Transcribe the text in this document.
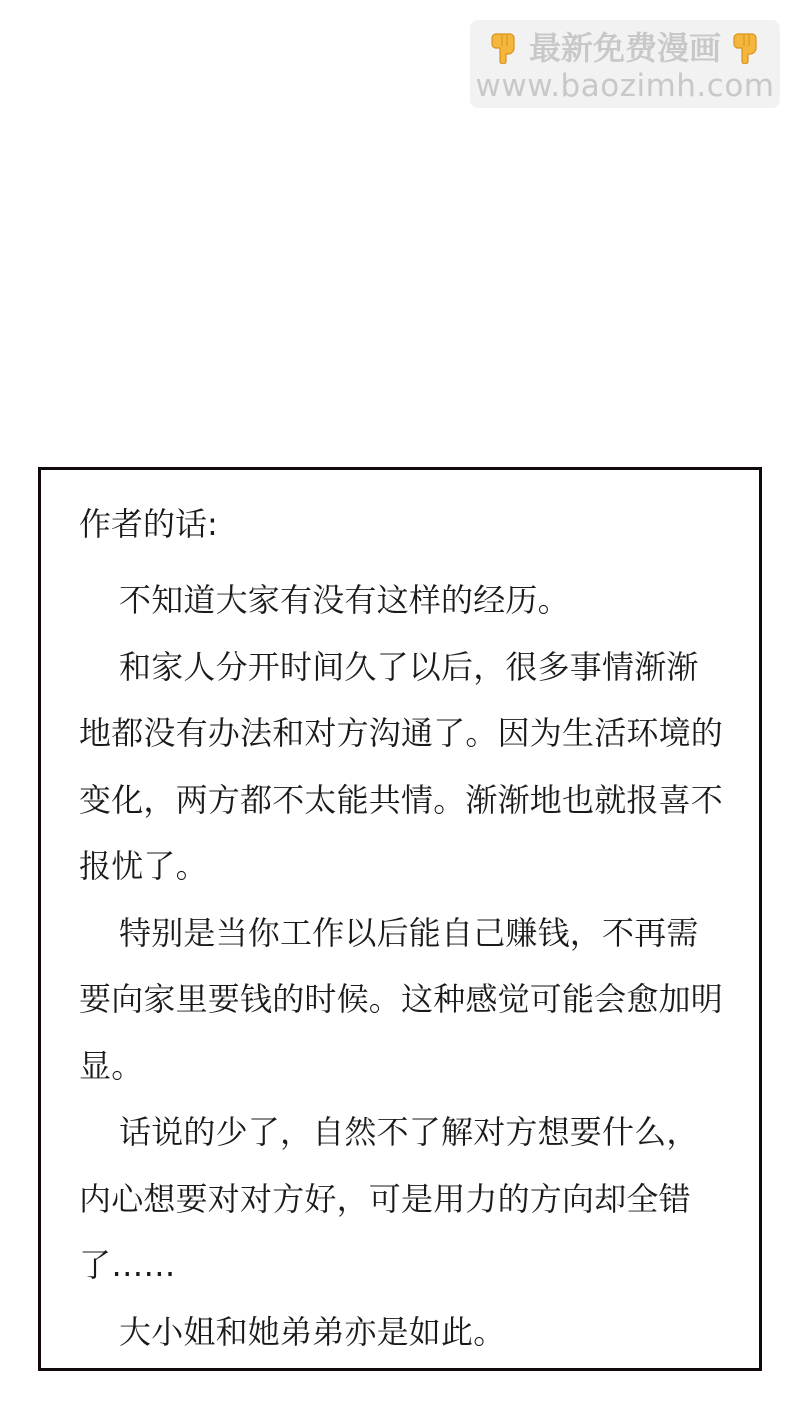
最新免费漫画
www.baozimh.com
作者的话:

不知道大家有没有这样的经历。

和家人分开时间久了以后，很多事情渐渐地都没有办法和对方沟通了。因为生活环境的变化，两方都不太能共情。渐渐地也就报喜不报忧了。

特别是当你工作以后能自己赚钱，不再需要向家里要钱的时候。这种感觉可能会愈加明显。

话说的少了，自然不了解对方想要什么，内心想要对对方好，可是用力的方向却全错了……

大小姐和她弟弟亦是如此。
